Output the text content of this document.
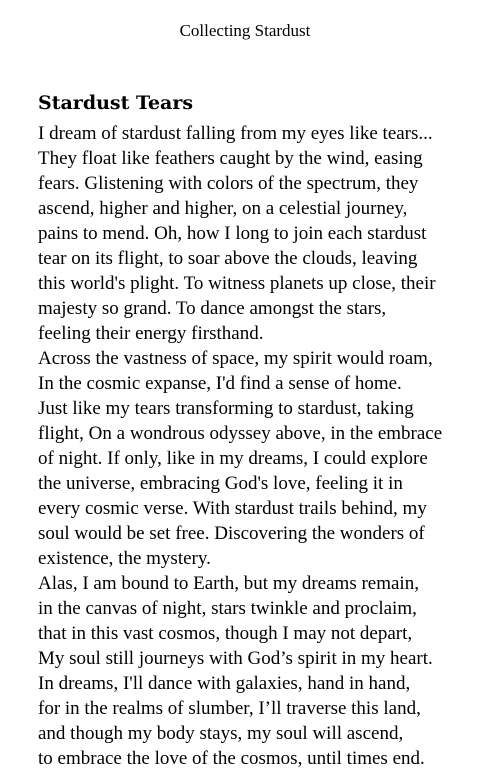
Collecting Stardust
Stardust Tears
I dream of stardust falling from my eyes like tears...
They float like feathers caught by the wind, easing
fears. Glistening with colors of the spectrum, they
ascend, higher and higher, on a celestial journey,
pains to mend. Oh, how I long to join each stardust
tear on its flight, to soar above the clouds, leaving
this world's plight. To witness planets up close, their
majesty so grand. To dance amongst the stars,
feeling their energy firsthand.
Across the vastness of space, my spirit would roam,
In the cosmic expanse, I'd find a sense of home.
Just like my tears transforming to stardust, taking
flight, On a wondrous odyssey above, in the embrace
of night. If only, like in my dreams, I could explore
the universe, embracing God's love, feeling it in
every cosmic verse. With stardust trails behind, my
soul would be set free. Discovering the wonders of
existence, the mystery.
Alas, I am bound to Earth, but my dreams remain,
in the canvas of night, stars twinkle and proclaim,
that in this vast cosmos, though I may not depart,
My soul still journeys with God’s spirit in my heart.
In dreams, I'll dance with galaxies, hand in hand,
for in the realms of slumber, I’ll traverse this land,
and though my body stays, my soul will ascend,
to embrace the love of the cosmos, until times end.
